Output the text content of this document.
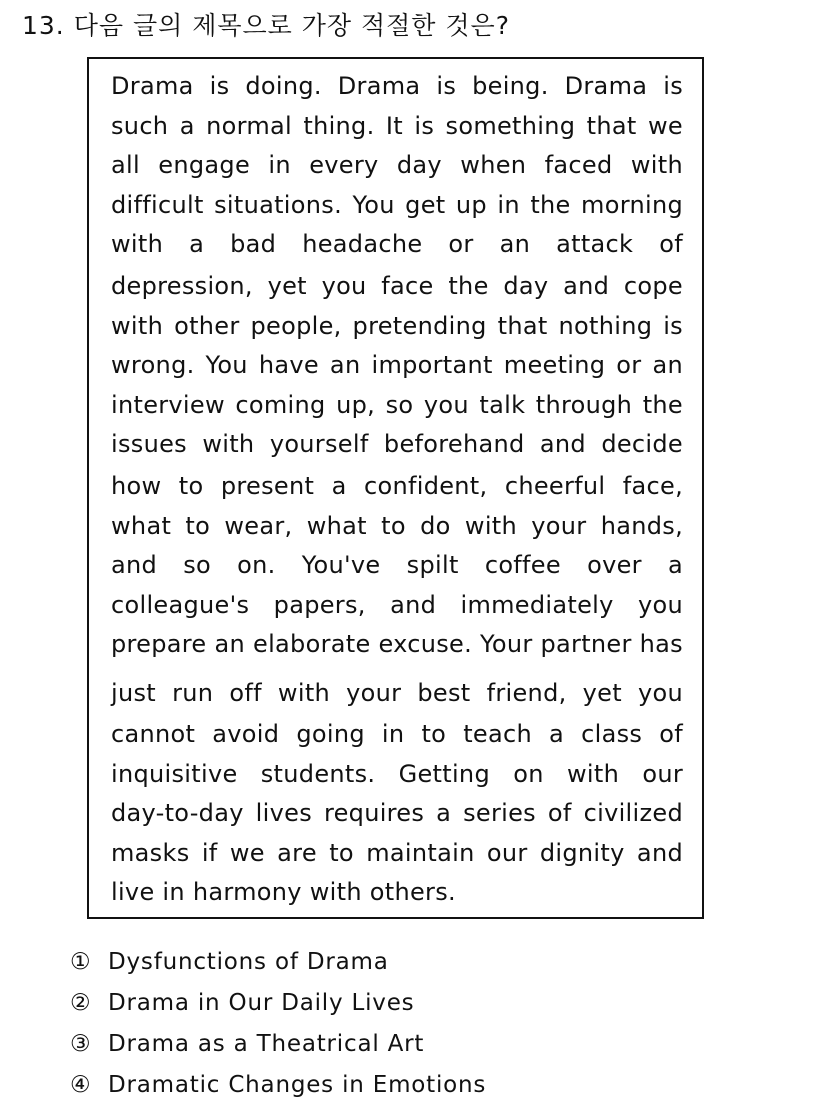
13. 다음 글의 제목으로 가장 적절한 것은?
Drama is doing. Drama is being. Drama is
such a normal thing. It is something that we
all engage in every day when faced with
difficult situations. You get up in the morning
with a bad headache or an attack of
depression, yet you face the day and cope
with other people, pretending that nothing is
wrong. You have an important meeting or an
interview coming up, so you talk through the
issues with yourself beforehand and decide
how to present a confident, cheerful face,
what to wear, what to do with your hands,
and so on. You've spilt coffee over a
colleague's papers, and immediately you
prepare an elaborate excuse. Your partner has
just run off with your best friend, yet you
cannot avoid going in to teach a class of
inquisitive students. Getting on with our
day-to-day lives requires a series of civilized
masks if we are to maintain our dignity and
live in harmony with others.
① Dysfunctions of Drama
② Drama in Our Daily Lives
③ Drama as a Theatrical Art
④ Dramatic Changes in Emotions
